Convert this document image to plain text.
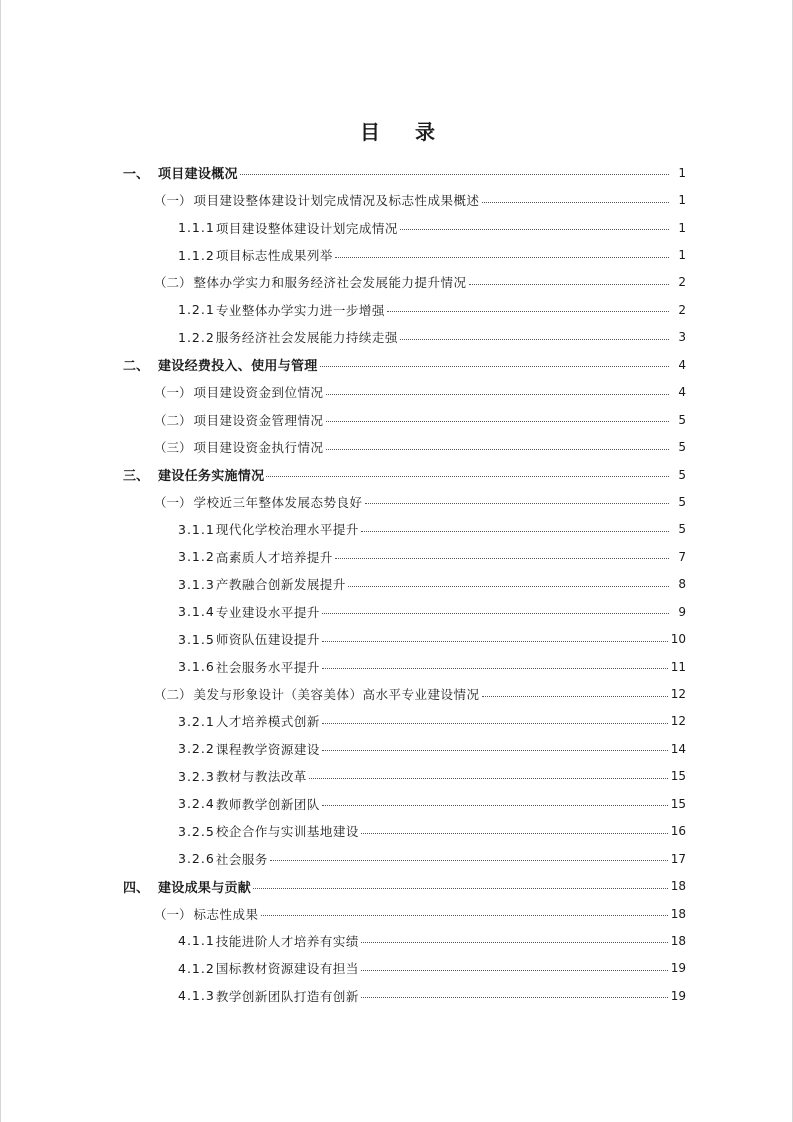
目 录
一、 项目建设概况	1
（一） 项目建设整体建设计划完成情况及标志性成果概述	1
1.1.1 项目建设整体建设计划完成情况	1
1.1.2 项目标志性成果列举	1
（二） 整体办学实力和服务经济社会发展能力提升情况	2
1.2.1 专业整体办学实力进一步增强	2
1.2.2 服务经济社会发展能力持续走强	3
二、 建设经费投入、使用与管理	4
（一） 项目建设资金到位情况	4
（二） 项目建设资金管理情况	5
（三） 项目建设资金执行情况	5
三、 建设任务实施情况	5
（一） 学校近三年整体发展态势良好	5
3.1.1 现代化学校治理水平提升	5
3.1.2 高素质人才培养提升	7
3.1.3 产教融合创新发展提升	8
3.1.4 专业建设水平提升	9
3.1.5 师资队伍建设提升	10
3.1.6 社会服务水平提升	11
（二） 美发与形象设计（美容美体）高水平专业建设情况	12
3.2.1 人才培养模式创新	12
3.2.2 课程教学资源建设	14
3.2.3 教材与教法改革	15
3.2.4 教师教学创新团队	15
3.2.5 校企合作与实训基地建设	16
3.2.6 社会服务	17
四、 建设成果与贡献	18
（一） 标志性成果	18
4.1.1 技能进阶人才培养有实绩	18
4.1.2 国标教材资源建设有担当	19
4.1.3 教学创新团队打造有创新	19
